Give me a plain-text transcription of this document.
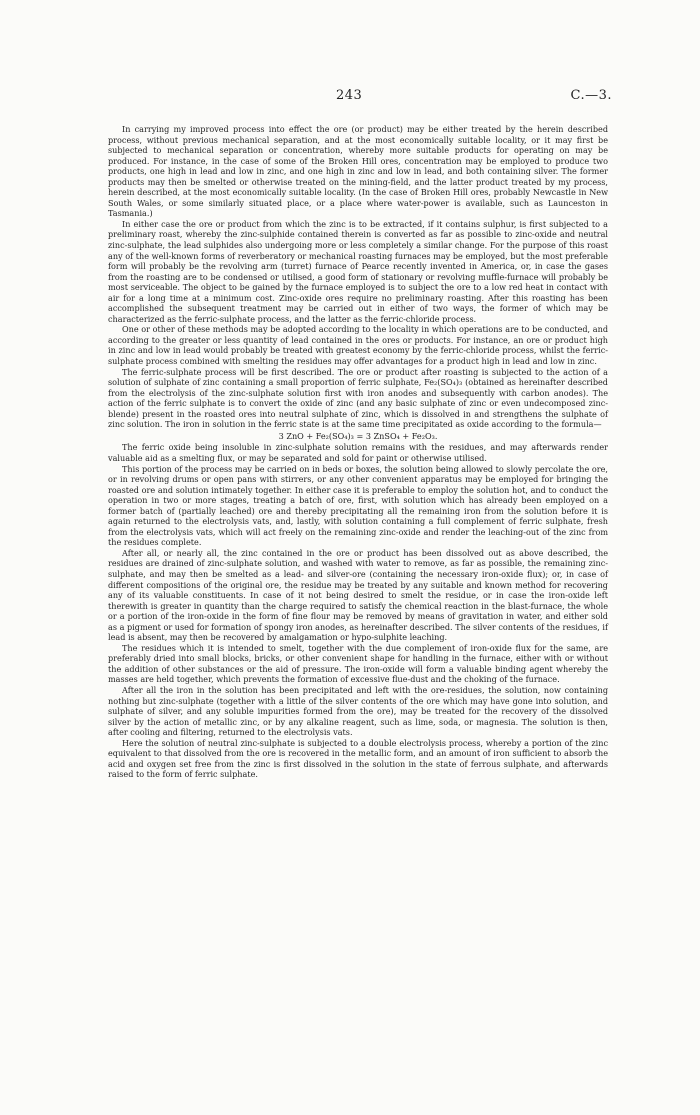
243	C.—3.

In carrying my improved process into effect the ore (or product) may be either treated by the herein described process, without previous mechanical separation, and at the most economically suitable locality, or it may first be subjected to mechanical separation or concentration, whereby more suitable products for operating on may be produced. For instance, in the case of some of the Broken Hill ores, concentration may be employed to produce two products, one high in lead and low in zinc, and one high in zinc and low in lead, and both containing silver. The former products may then be smelted or otherwise treated on the mining-field, and the latter product treated by my process, herein described, at the most economically suitable locality. (In the case of Broken Hill ores, probably Newcastle in New South Wales, or some similarly situated place, or a place where water-power is available, such as Launceston in Tasmania.)

In either case the ore or product from which the zinc is to be extracted, if it contains sulphur, is first subjected to a preliminary roast, whereby the zinc-sulphide contained therein is converted as far as possible to zinc-oxide and neutral zinc-sulphate, the lead sulphides also undergoing more or less completely a similar change. For the purpose of this roast any of the well-known forms of reverberatory or mechanical roasting furnaces may be employed, but the most preferable form will probably be the revolving arm (turret) furnace of Pearce recently invented in America, or, in case the gases from the roasting are to be condensed or utilised, a good form of stationary or revolving muffle-furnace will probably be most serviceable. The object to be gained by the furnace employed is to subject the ore to a low red heat in contact with air for a long time at a minimum cost. Zinc-oxide ores require no preliminary roasting. After this roasting has been accomplished the subsequent treatment may be carried out in either of two ways, the former of which may be characterized as the ferric-sulphate process, and the latter as the ferric-chloride process.

One or other of these methods may be adopted according to the locality in which operations are to be conducted, and according to the greater or less quantity of lead contained in the ores or products. For instance, an ore or product high in zinc and low in lead would probably be treated with greatest economy by the ferric-chloride process, whilst the ferric-sulphate process combined with smelting the residues may offer advantages for a product high in lead and low in zinc.

The ferric-sulphate process will be first described. The ore or product after roasting is subjected to the action of a solution of sulphate of zinc containing a small proportion of ferric sulphate, Fe₂(SO₄)₃ (obtained as hereinafter described from the electrolysis of the zinc-sulphate solution first with iron anodes and subsequently with carbon anodes). The action of the ferric sulphate is to convert the oxide of zinc (and any basic sulphate of zinc or even undecomposed zinc-blende) present in the roasted ores into neutral sulphate of zinc, which is dissolved in and strengthens the sulphate of zinc solution. The iron in solution in the ferric state is at the same time precipitated as oxide according to the formula—

3 ZnO + Fe₂(SO₄)₃ = 3 ZnSO₄ + Fe₂O₃.

The ferric oxide being insoluble in zinc-sulphate solution remains with the residues, and may afterwards render valuable aid as a smelting flux, or may be separated and sold for paint or otherwise utilised.

This portion of the process may be carried on in beds or boxes, the solution being allowed to slowly percolate the ore, or in revolving drums or open pans with stirrers, or any other convenient apparatus may be employed for bringing the roasted ore and solution intimately together. In either case it is preferable to employ the solution hot, and to conduct the operation in two or more stages, treating a batch of ore, first, with solution which has already been employed on a former batch of (partially leached) ore and thereby precipitating all the remaining iron from the solution before it is again returned to the electrolysis vats, and, lastly, with solution containing a full complement of ferric sulphate, fresh from the electrolysis vats, which will act freely on the remaining zinc-oxide and render the leaching-out of the zinc from the residues complete.

After all, or nearly all, the zinc contained in the ore or product has been dissolved out as above described, the residues are drained of zinc-sulphate solution, and washed with water to remove, as far as possible, the remaining zinc-sulphate, and may then be smelted as a lead- and silver-ore (containing the necessary iron-oxide flux); or, in case of different compositions of the original ore, the residue may be treated by any suitable and known method for recovering any of its valuable constituents. In case of it not being desired to smelt the residue, or in case the iron-oxide left therewith is greater in quantity than the charge required to satisfy the chemical reaction in the blast-furnace, the whole or a portion of the iron-oxide in the form of fine flour may be removed by means of gravitation in water, and either sold as a pigment or used for formation of spongy iron anodes, as hereinafter described. The silver contents of the residues, if lead is absent, may then be recovered by amalgamation or hypo-sulphite leaching.

The residues which it is intended to smelt, together with the due complement of iron-oxide flux for the same, are preferably dried into small blocks, bricks, or other convenient shape for handling in the furnace, either with or without the addition of other substances or the aid of pressure. The iron-oxide will form a valuable binding agent whereby the masses are held together, which prevents the formation of excessive flue-dust and the choking of the furnace.

After all the iron in the solution has been precipitated and left with the ore-residues, the solution, now containing nothing but zinc-sulphate (together with a little of the silver contents of the ore which may have gone into solution, and sulphate of silver, and any soluble impurities formed from the ore), may be treated for the recovery of the dissolved silver by the action of metallic zinc, or by any alkaline reagent, such as lime, soda, or magnesia. The solution is then, after cooling and filtering, returned to the electrolysis vats.

Here the solution of neutral zinc-sulphate is subjected to a double electrolysis process, whereby a portion of the zinc equivalent to that dissolved from the ore is recovered in the metallic form, and an amount of iron sufficient to absorb the acid and oxygen set free from the zinc is first dissolved in the solution in the state of ferrous sulphate, and afterwards raised to the form of ferric sulphate.
